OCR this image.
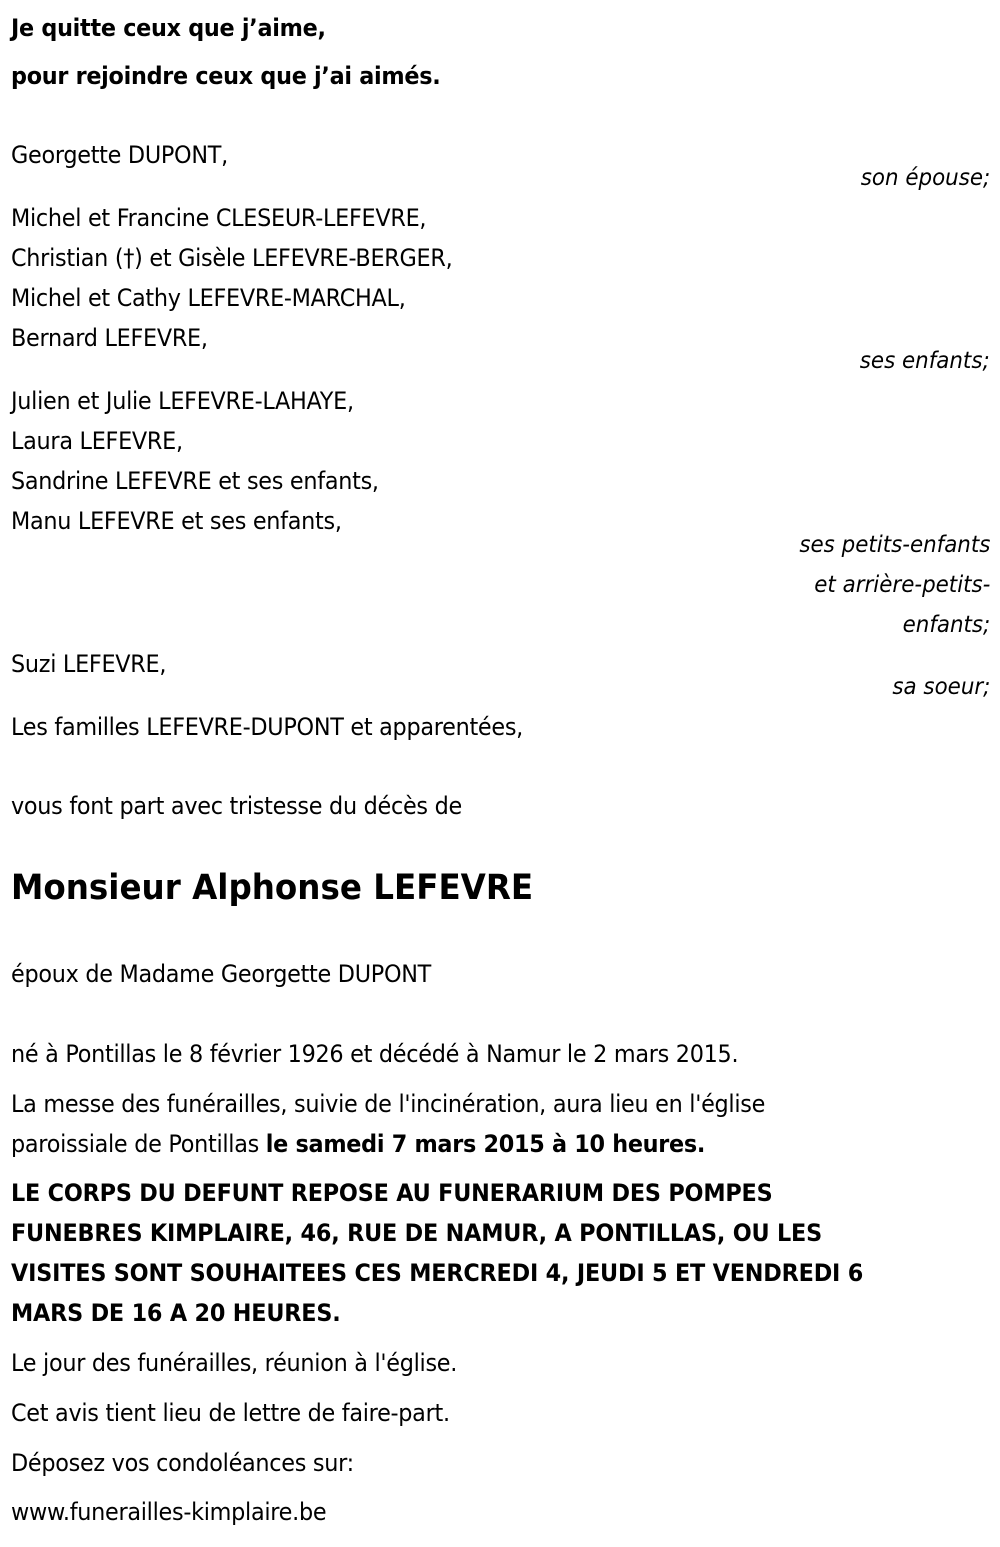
Je quitte ceux que j’aime,
pour rejoindre ceux que j’ai aimés.
Georgette DUPONT,
son épouse;
Michel et Francine CLESEUR-LEFEVRE,
Christian (†) et Gisèle LEFEVRE-BERGER,
Michel et Cathy LEFEVRE-MARCHAL,
Bernard LEFEVRE,
ses enfants;
Julien et Julie LEFEVRE-LAHAYE,
Laura LEFEVRE,
Sandrine LEFEVRE et ses enfants,
Manu LEFEVRE et ses enfants,
ses petits-enfants
et arrière-petits-
enfants;
Suzi LEFEVRE,
sa soeur;
Les familles LEFEVRE-DUPONT et apparentées,
vous font part avec tristesse du décès de
Monsieur Alphonse LEFEVRE
époux de Madame Georgette DUPONT
né à Pontillas le 8 février 1926 et décédé à Namur le 2 mars 2015.
La messe des funérailles, suivie de l'incinération, aura lieu en l'église
paroissiale de Pontillas le samedi 7 mars 2015 à 10 heures.
LE CORPS DU DEFUNT REPOSE AU FUNERARIUM DES POMPES
FUNEBRES KIMPLAIRE, 46, RUE DE NAMUR, A PONTILLAS, OU LES
VISITES SONT SOUHAITEES CES MERCREDI 4, JEUDI 5 ET VENDREDI 6
MARS DE 16 A 20 HEURES.
Le jour des funérailles, réunion à l'église.
Cet avis tient lieu de lettre de faire-part.
Déposez vos condoléances sur:
www.funerailles-kimplaire.be
